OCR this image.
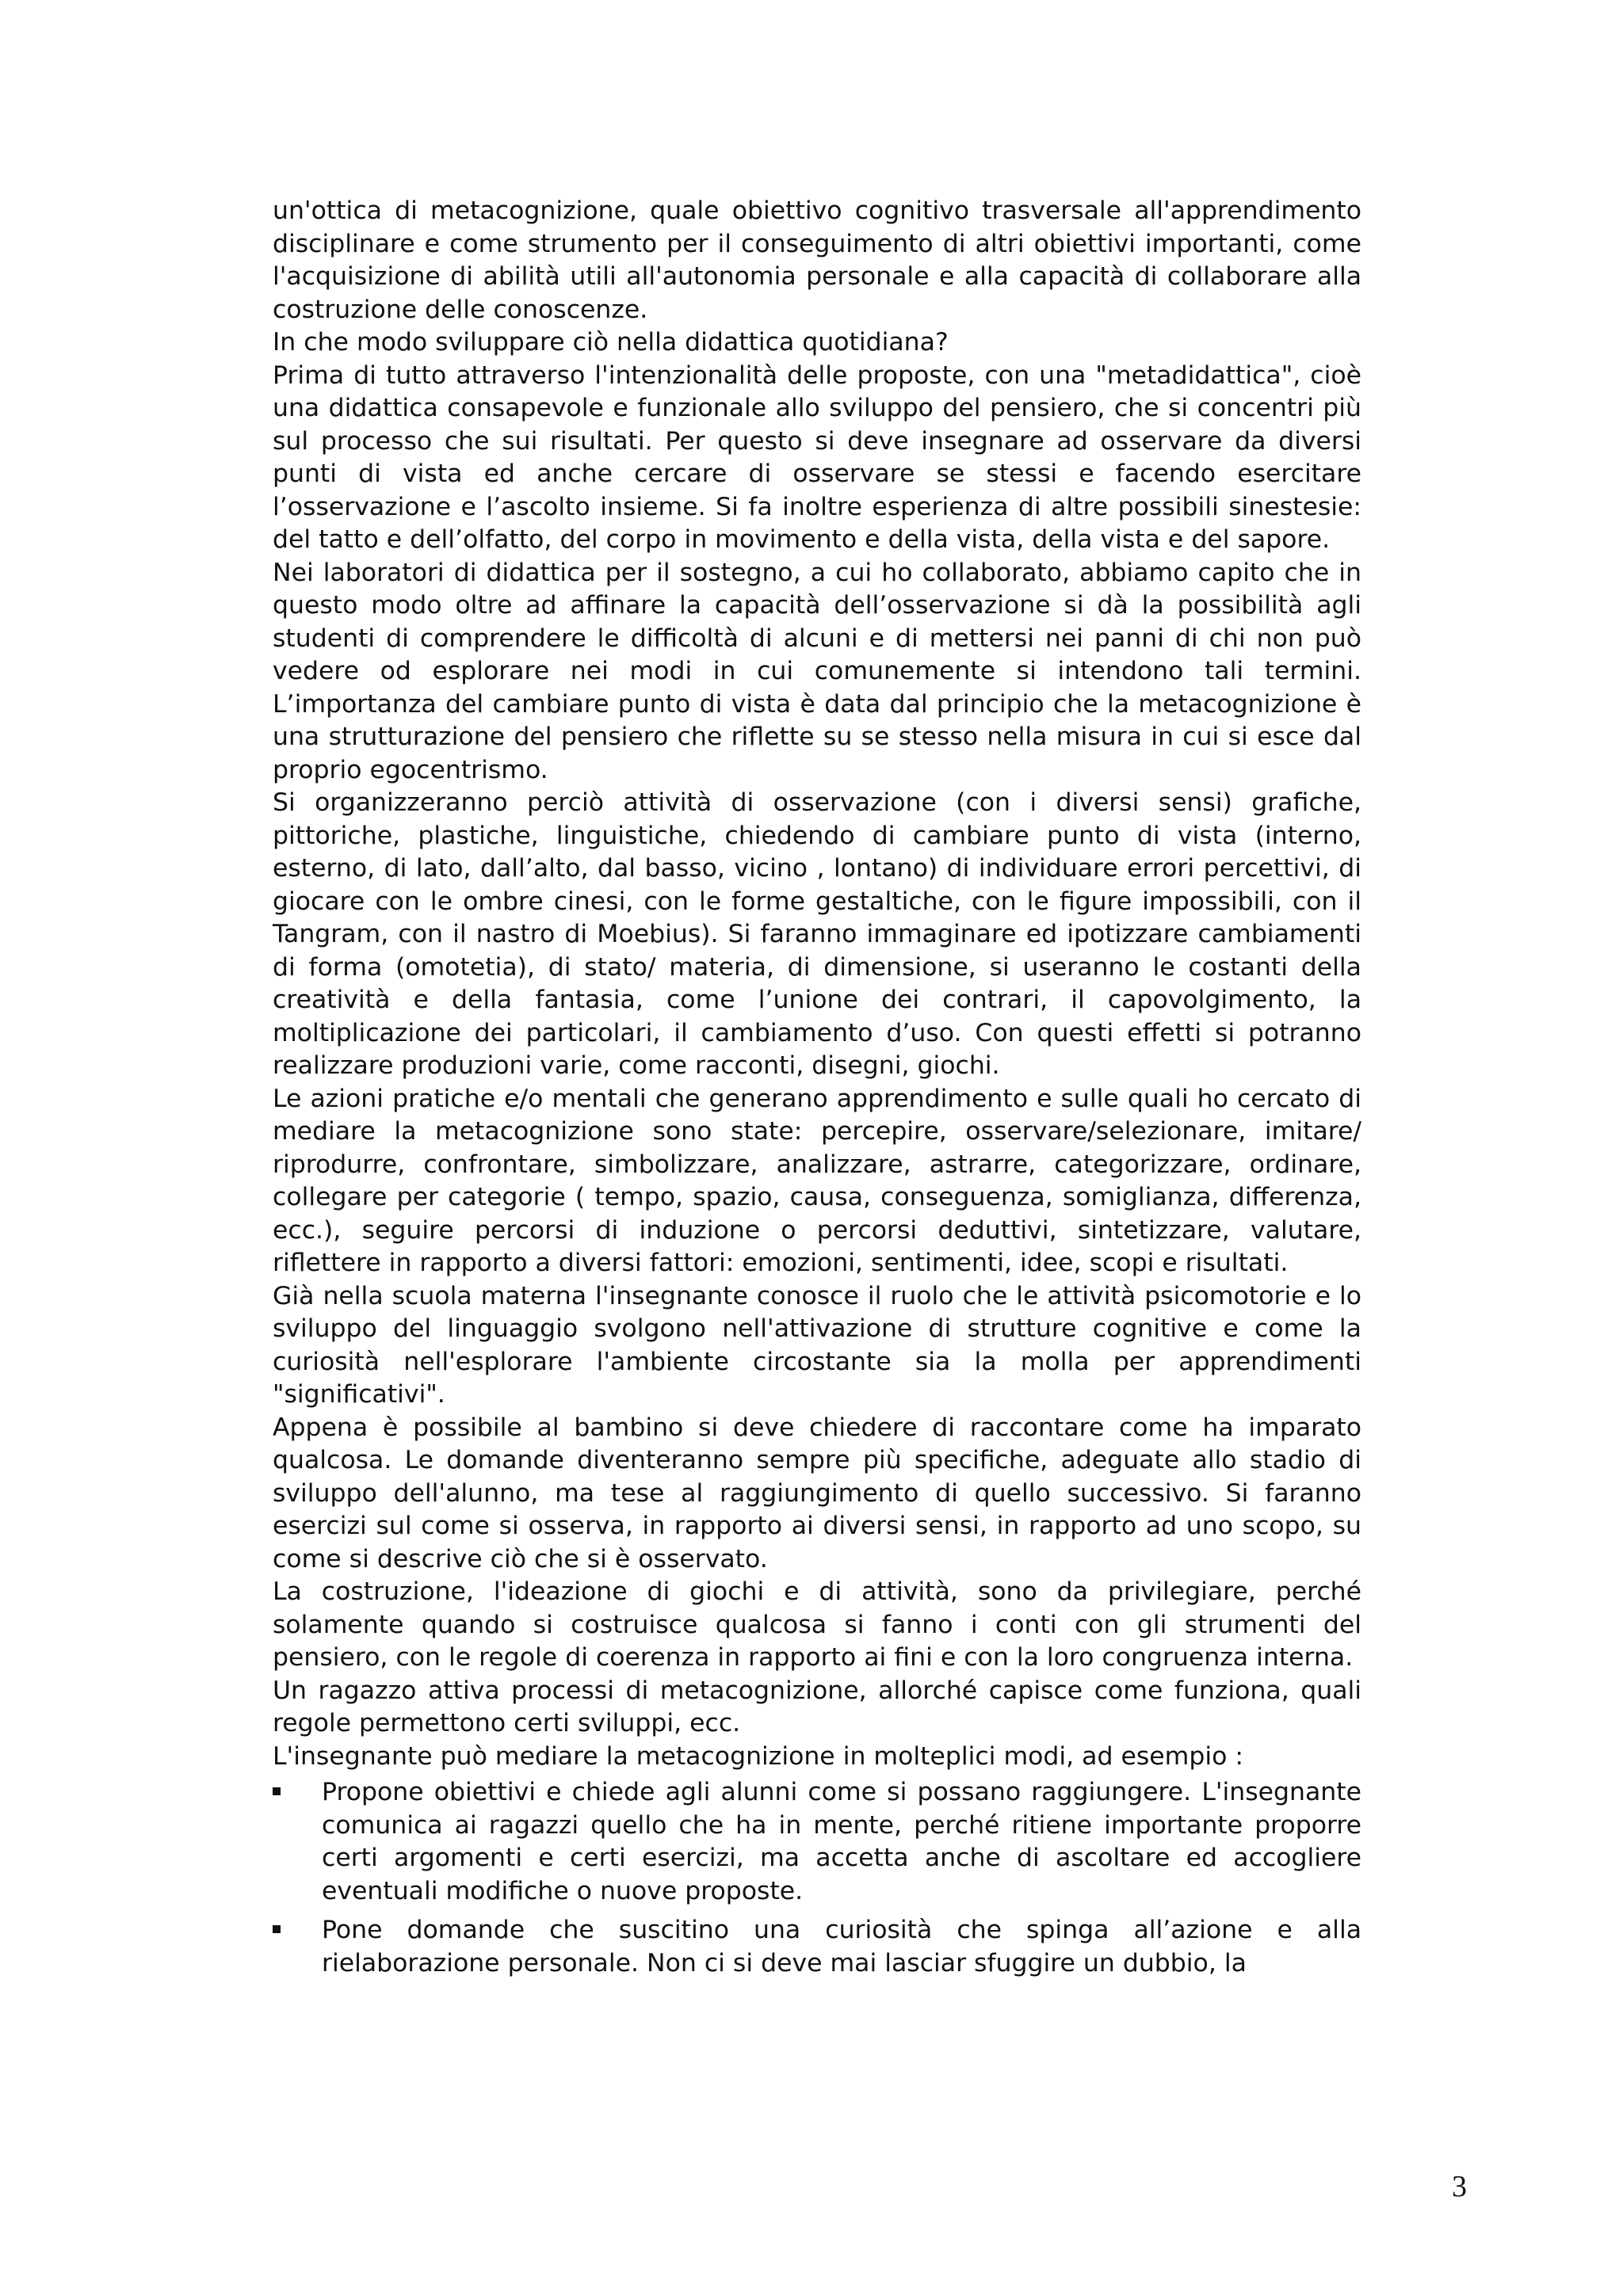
un'ottica di metacognizione, quale obiettivo cognitivo trasversale all'apprendimento disciplinare e come strumento per il conseguimento di altri obiettivi importanti, come l'acquisizione di abilità utili all'autonomia personale e alla capacità di collaborare alla costruzione delle conoscenze.

In che modo sviluppare ciò nella didattica quotidiana?

Prima di tutto attraverso l'intenzionalità delle proposte, con una "metadidattica", cioè una didattica consapevole e funzionale allo sviluppo del pensiero, che si concentri più sul processo che sui risultati. Per questo si deve insegnare ad osservare da diversi punti di vista ed anche cercare di osservare se stessi e facendo esercitare l’osservazione e l’ascolto insieme. Si fa inoltre esperienza di altre possibili sinestesie: del tatto e dell’olfatto, del corpo in movimento e della vista, della vista e del sapore.

Nei laboratori di didattica per il sostegno, a cui ho collaborato, abbiamo capito che in questo modo oltre ad affinare la capacità dell’osservazione si dà la possibilità agli studenti di comprendere le difficoltà di alcuni e di mettersi nei panni di chi non può vedere od esplorare nei modi in cui comunemente si intendono tali termini. L’importanza del cambiare punto di vista è data dal principio che la metacognizione è una strutturazione del pensiero che riflette su se stesso nella misura in cui si esce dal proprio egocentrismo.

Si organizzeranno perciò attività di osservazione (con i diversi sensi) grafiche, pittoriche, plastiche, linguistiche, chiedendo di cambiare punto di vista (interno, esterno, di lato, dall’alto, dal basso, vicino , lontano) di individuare errori percettivi, di giocare con le ombre cinesi, con le forme gestaltiche, con le figure impossibili, con il Tangram, con il nastro di Moebius). Si faranno immaginare ed ipotizzare cambiamenti di forma (omotetia), di stato/ materia, di dimensione, si useranno le costanti della creatività e della fantasia, come l’unione dei contrari, il capovolgimento, la moltiplicazione dei particolari, il cambiamento d’uso. Con questi effetti si potranno realizzare produzioni varie, come racconti, disegni, giochi.

Le azioni pratiche e/o mentali che generano apprendimento e sulle quali ho cercato di mediare la metacognizione sono state: percepire, osservare/selezionare, imitare/ riprodurre, confrontare, simbolizzare, analizzare, astrarre, categorizzare, ordinare, collegare per categorie ( tempo, spazio, causa, conseguenza, somiglianza, differenza, ecc.), seguire percorsi di induzione o percorsi deduttivi, sintetizzare, valutare, riflettere in rapporto a diversi fattori: emozioni, sentimenti, idee, scopi e risultati.

Già nella scuola materna l'insegnante conosce il ruolo che le attività psicomotorie e lo sviluppo del linguaggio svolgono nell'attivazione di strutture cognitive e come la curiosità nell'esplorare l'ambiente circostante sia la molla per apprendimenti "significativi".

Appena è possibile al bambino si deve chiedere di raccontare come ha imparato qualcosa. Le domande diventeranno sempre più specifiche, adeguate allo stadio di sviluppo dell'alunno, ma tese al raggiungimento di quello successivo. Si faranno esercizi sul come si osserva, in rapporto ai diversi sensi, in rapporto ad uno scopo, su come si descrive ciò che si è osservato.

La costruzione, l'ideazione di giochi e di attività, sono da privilegiare, perché solamente quando si costruisce qualcosa si fanno i conti con gli strumenti del pensiero, con le regole di coerenza in rapporto ai fini e con la loro congruenza interna.

Un ragazzo attiva processi di metacognizione, allorché capisce come funziona, quali regole permettono certi sviluppi, ecc.

L'insegnante può mediare la metacognizione in molteplici modi, ad esempio :

Propone obiettivi e chiede agli alunni come si possano raggiungere. L'insegnante comunica ai ragazzi quello che ha in mente, perché ritiene importante proporre certi argomenti e certi esercizi, ma accetta anche di ascoltare ed accogliere eventuali modifiche o nuove proposte.
Pone domande che suscitino una curiosità che spinga all’azione e alla rielaborazione personale. Non ci si deve mai lasciar sfuggire un dubbio, la
3
